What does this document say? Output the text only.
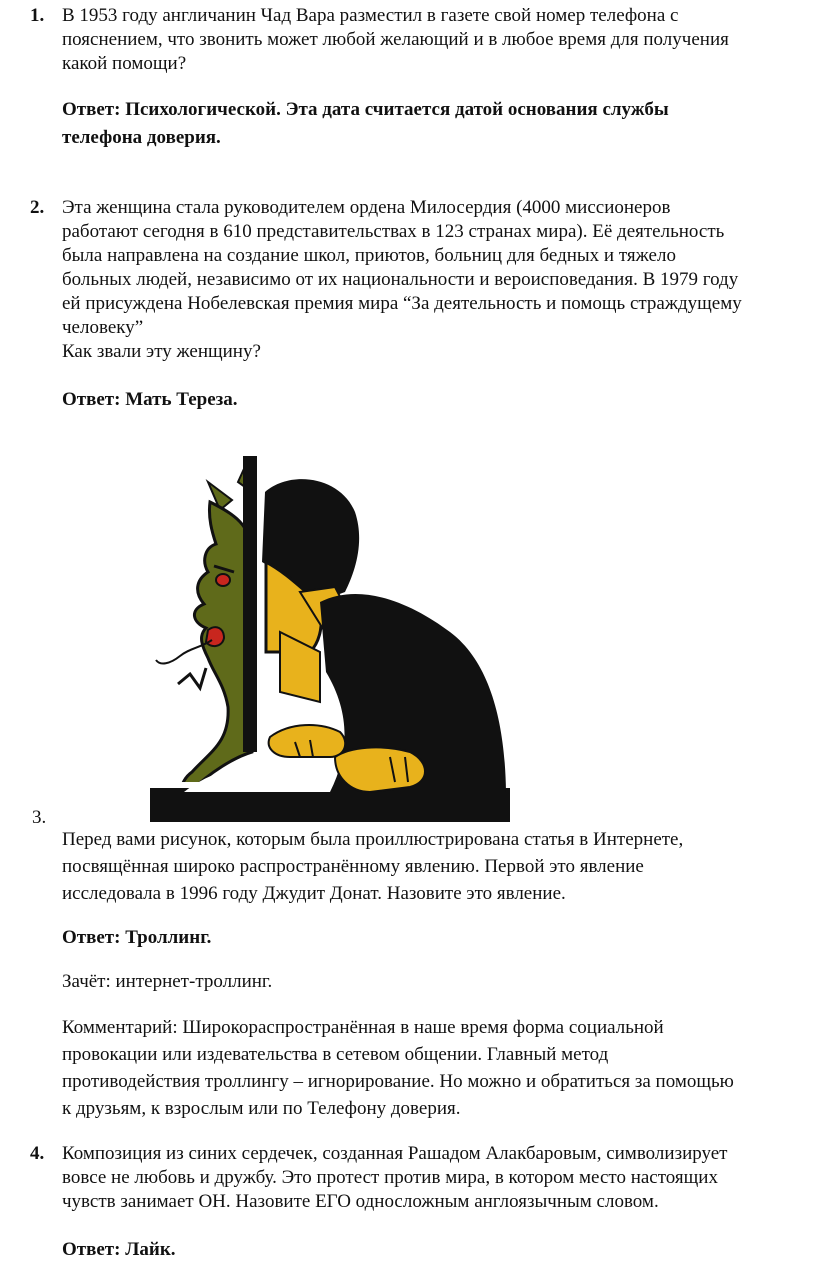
1. В 1953 году англичанин Чад Вара разместил в газете свой номер телефона с
пояснением, что звонить может любой желающий и в любое время для получения
какой помощи?
Ответ: Психологической. Эта дата считается датой основания службы
телефона доверия.
2. Эта женщина стала руководителем ордена Милосердия (4000 миссионеров
работают сегодня в 610 представительствах в 123 странах мира). Её деятельность
была направлена на создание школ, приютов, больниц для бедных и тяжело
больных людей, независимо от их национальности и вероисповедания. В 1979 году
ей присуждена Нобелевская премия мира “За деятельность и помощь страждущему
человеку”
Как звали эту женщину?
Ответ: Мать Тереза.
3.
Перед вами рисунок, которым была проиллюстрирована статья в Интернете,
посвящённая широко распространённому явлению. Первой это явление
исследовала в 1996 году Джудит Донат. Назовите это явление.
Ответ: Троллинг.
Зачёт: интернет-троллинг.
Комментарий: Широкораспространённая в наше время форма социальной
провокации или издевательства в сетевом общении. Главный метод
противодействия троллингу – игнорирование. Но можно и обратиться за помощью
к друзьям, к взрослым или по Телефону доверия.
4. Композиция из синих сердечек, созданная Рашадом Алакбаровым, символизирует
вовсе не любовь и дружбу. Это протест против мира, в котором место настоящих
чувств занимает ОН. Назовите ЕГО односложным англоязычным словом.
Ответ: Лайк.
